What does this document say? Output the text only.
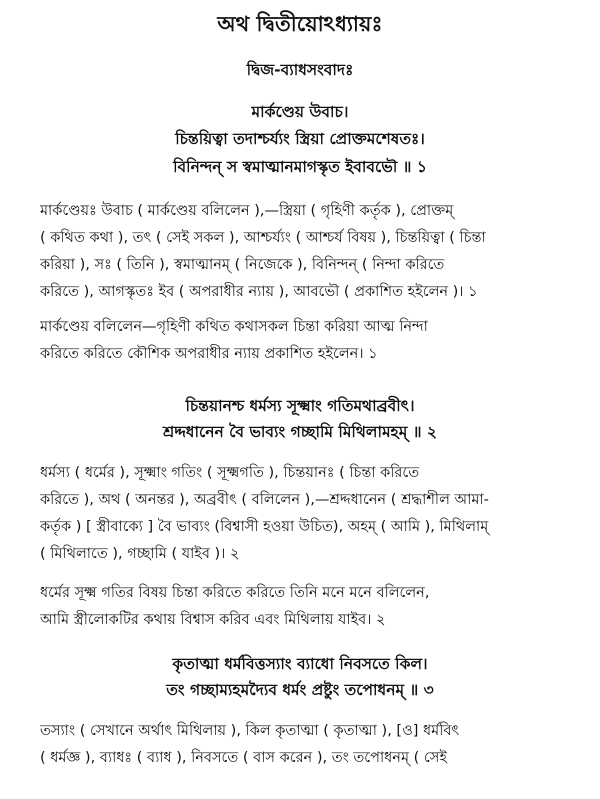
অথ দ্বিতীয়োঽধ্যায়ঃ
দ্বিজ-ব্যাধসংবাদঃ
মার্কণ্ডেয় উবাচ।
চিন্তয়িত্বা তদাশ্চর্য্যং স্ত্রিয়া প্রোক্তমশেষতঃ।
বিনিন্দন্ স স্বমাত্মানমাগস্কৃত ইবাবভৌ ॥ ১
মার্কণ্ডেয়ঃ উবাচ ( মার্কণ্ডেয় বলিলেন ),—স্ত্রিয়া ( গৃহিণী কর্তৃক ), প্রোক্তম্
( কথিত কথা ), তৎ ( সেই সকল ), আশ্চর্য্যং ( আশ্চর্য বিষয় ), চিন্তয়িত্বা ( চিন্তা
করিয়া ), সঃ ( তিনি ), স্বমাত্মানম্ ( নিজেকে ), বিনিন্দন্ ( নিন্দা করিতে
করিতে ), আগস্কৃতঃ ইব ( অপরাধীর ন্যায় ), আবভৌ ( প্রকাশিত হইলেন )। ১
মার্কণ্ডেয় বলিলেন—গৃহিণী কথিত কথাসকল চিন্তা করিয়া আত্ম নিন্দা
করিতে করিতে কৌশিক অপরাধীর ন্যায় প্রকাশিত হইলেন। ১
চিন্তয়ানশ্চ ধর্মস্য সূক্ষ্মাং গতিমথাব্রবীৎ।
শ্রদ্দধানেন বৈ ভাব্যং গচ্ছামি মিথিলামহম্ ॥ ২
ধর্মস্য ( ধর্মের ), সূক্ষ্মাং গতিং ( সূক্ষ্মগতি ), চিন্তয়ানঃ ( চিন্তা করিতে
করিতে ), অথ ( অনন্তর ), অব্রবীৎ ( বলিলেন ),—শ্রদ্দধানেন ( শ্রদ্ধাশীল আমা-
কর্তৃক ) [ স্ত্রীবাক্যে ] বৈ ভাব্যং (বিশ্বাসী হওয়া উচিত), অহম্ ( আমি ), মিথিলাম্
( মিথিলাতে ), গচ্ছামি ( যাইব )। ২
ধর্মের সূক্ষ্ম গতির বিষয় চিন্তা করিতে করিতে তিনি মনে মনে বলিলেন,
আমি স্ত্রীলোকটির কথায় বিশ্বাস করিব এবং মিথিলায় যাইব। ২
কৃতাত্মা ধর্মবিত্তস্যাং ব্যাধো নিবসতে কিল।
তং গচ্ছাম্যহমদ্যৈব ধর্মং প্রষ্টুং তপোধনম্ ॥ ৩
তস্যাং ( সেখানে অর্থাৎ মিথিলায় ), কিল কৃতাত্মা ( কৃতাত্মা ), [ও] ধর্মবিৎ
( ধর্মজ্ঞ ), ব্যাধঃ ( ব্যাধ ), নিবসতে ( বাস করেন ), তং তপোধনম্ ( সেই
